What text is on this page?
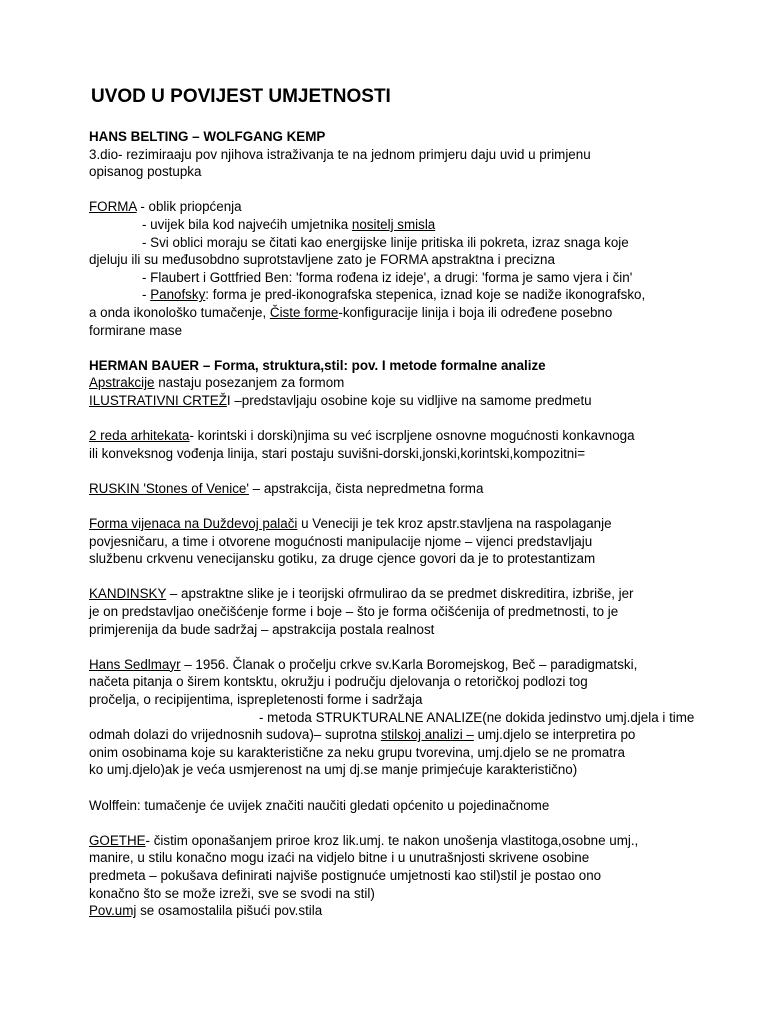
UVOD U POVIJEST UMJETNOSTI
HANS BELTING – WOLFGANG KEMP
3.dio- rezimiraaju pov njihova istraživanja te na jednom primjeru daju uvid u primjenu
opisanog postupka
FORMA - oblik priopćenja
- uvijek bila kod najvećih umjetnika nositelj smisla
- Svi oblici moraju se čitati kao energijske linije pritiska ili pokreta, izraz snaga koje
djeluju ili su međusobdno suprotstavljene zato je FORMA apstraktna i precizna
- Flaubert i Gottfried Ben: 'forma rođena iz ideje', a drugi: 'forma je samo vjera i čin'
- Panofsky: forma je pred-ikonografska stepenica, iznad koje se nadiže ikonografsko,
a onda ikonološko tumačenje, Čiste forme-konfiguracije linija i boja ili određene posebno
formirane mase
HERMAN BAUER – Forma, struktura,stil: pov. I metode formalne analize
Apstrakcije nastaju posezanjem za formom
ILUSTRATIVNI CRTEŽI –predstavljaju osobine koje su vidljive na samome predmetu
2 reda arhitekata- korintski i dorski)njima su već iscrpljene osnovne mogućnosti konkavnoga
ili konveksnog vođenja linija, stari postaju suvišni-dorski,jonski,korintski,kompozitni=
RUSKIN 'Stones of Venice' – apstrakcija, čista nepredmetna forma
Forma vijenaca na Duždevoj palači u Veneciji je tek kroz apstr.stavljena na raspolaganje
povjesničaru, a time i otvorene mogućnosti manipulacije njome – vijenci predstavljaju
službenu crkvenu venecijansku gotiku, za druge cjence govori da je to protestantizam
KANDINSKY – apstraktne slike je i teorijski ofrmulirao da se predmet diskreditira, izbriše, jer
je on predstavljao onečišćenje forme i boje – što je forma očišćenija of predmetnosti, to je
primjerenija da bude sadržaj – apstrakcija postala realnost
Hans Sedlmayr – 1956. Članak o pročelju crkve sv.Karla Boromejskog, Beč – paradigmatski,
načeta pitanja o širem kontsktu, okružju i području djelovanja o retoričkoj podlozi tog
pročelja, o recipijentima, isprepletenosti forme i sadržaja
- metoda STRUKTURALNE ANALIZE(ne dokida jedinstvo umj.djela i time
odmah dolazi do vrijednosnih sudova)– suprotna stilskoj analizi – umj.djelo se interpretira po
onim osobinama koje su karakteristične za neku grupu tvorevina, umj.djelo se ne promatra
ko umj.djelo)ak je veća usmjerenost na umj dj.se manje primjećuje karakteristično)
Wolffein: tumačenje će uvijek značiti naučiti gledati općenito u pojedinačnome
GOETHE- čistim oponašanjem priroe kroz lik.umj. te nakon unošenja vlastitoga,osobne umj.,
manire, u stilu konačno mogu izaći na vidjelo bitne i u unutrašnjosti skrivene osobine
predmeta – pokušava definirati najviše postignuće umjetnosti kao stil)stil je postao ono
konačno što se može izreži, sve se svodi na stil)
Pov.umj se osamostalila pišući pov.stila
